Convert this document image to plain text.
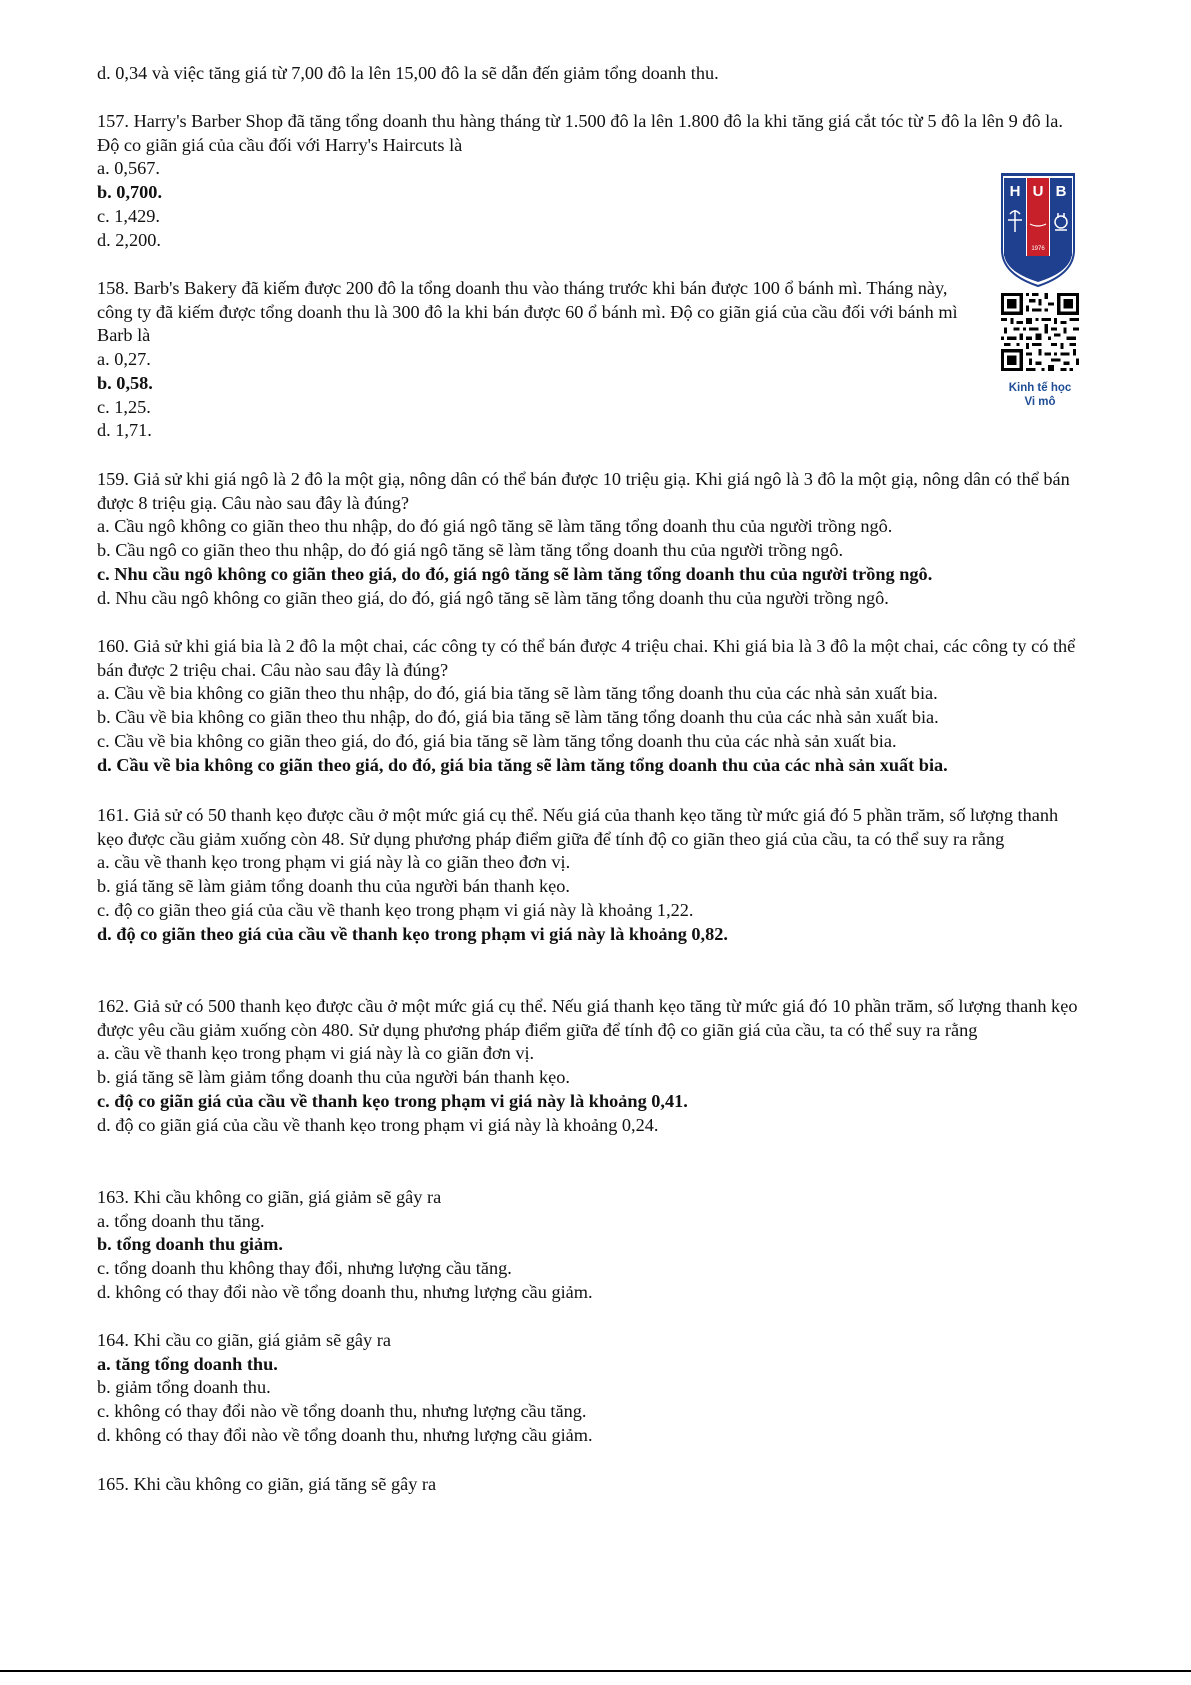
d. 0,34 và việc tăng giá từ 7,00 đô la lên 15,00 đô la sẽ dẫn đến giảm tổng doanh thu.

157. Harry's Barber Shop đã tăng tổng doanh thu hàng tháng từ 1.500 đô la lên 1.800 đô la khi tăng giá cắt tóc từ 5 đô la lên 9 đô la. Độ co giãn giá của cầu đối với Harry's Haircuts là

a. 0,567.
b. 0,700.
c. 1,429.
d. 2,200.

158. Barb's Bakery đã kiếm được 200 đô la tổng doanh thu vào tháng trước khi bán được 100 ổ bánh mì. Tháng này, công ty đã kiếm được tổng doanh thu là 300 đô la khi bán được 60 ổ bánh mì. Độ co giãn giá của cầu đối với bánh mì Barb là

a. 0,27.
b. 0,58.
c. 1,25.
d. 1,71.

159. Giả sử khi giá ngô là 2 đô la một giạ, nông dân có thể bán được 10 triệu giạ. Khi giá ngô là 3 đô la một giạ, nông dân có thể bán được 8 triệu giạ. Câu nào sau đây là đúng?

a. Cầu ngô không co giãn theo thu nhập, do đó giá ngô tăng sẽ làm tăng tổng doanh thu của người trồng ngô.
b. Cầu ngô co giãn theo thu nhập, do đó giá ngô tăng sẽ làm tăng tổng doanh thu của người trồng ngô.
c. Nhu cầu ngô không co giãn theo giá, do đó, giá ngô tăng sẽ làm tăng tổng doanh thu của người trồng ngô.
d. Nhu cầu ngô không co giãn theo giá, do đó, giá ngô tăng sẽ làm tăng tổng doanh thu của người trồng ngô.

160. Giả sử khi giá bia là 2 đô la một chai, các công ty có thể bán được 4 triệu chai. Khi giá bia là 3 đô la một chai, các công ty có thể bán được 2 triệu chai. Câu nào sau đây là đúng?

a. Cầu về bia không co giãn theo thu nhập, do đó, giá bia tăng sẽ làm tăng tổng doanh thu của các nhà sản xuất bia.
b. Cầu về bia không co giãn theo thu nhập, do đó, giá bia tăng sẽ làm tăng tổng doanh thu của các nhà sản xuất bia.
c. Cầu về bia không co giãn theo giá, do đó, giá bia tăng sẽ làm tăng tổng doanh thu của các nhà sản xuất bia.
d. Cầu về bia không co giãn theo giá, do đó, giá bia tăng sẽ làm tăng tổng doanh thu của các nhà sản xuất bia.

161. Giả sử có 50 thanh kẹo được cầu ở một mức giá cụ thể. Nếu giá của thanh kẹo tăng từ mức giá đó 5 phần trăm, số lượng thanh kẹo được cầu giảm xuống còn 48. Sử dụng phương pháp điểm giữa để tính độ co giãn theo giá của cầu, ta có thể suy ra rằng

a. cầu về thanh kẹo trong phạm vi giá này là co giãn theo đơn vị.
b. giá tăng sẽ làm giảm tổng doanh thu của người bán thanh kẹo.
c. độ co giãn theo giá của cầu về thanh kẹo trong phạm vi giá này là khoảng 1,22.
d. độ co giãn theo giá của cầu về thanh kẹo trong phạm vi giá này là khoảng 0,82.

162. Giả sử có 500 thanh kẹo được cầu ở một mức giá cụ thể. Nếu giá thanh kẹo tăng từ mức giá đó 10 phần trăm, số lượng thanh kẹo được yêu cầu giảm xuống còn 480. Sử dụng phương pháp điểm giữa để tính độ co giãn giá của cầu, ta có thể suy ra rằng

a. cầu về thanh kẹo trong phạm vi giá này là co giãn đơn vị.
b. giá tăng sẽ làm giảm tổng doanh thu của người bán thanh kẹo.
c. độ co giãn giá của cầu về thanh kẹo trong phạm vi giá này là khoảng 0,41.
d. độ co giãn giá của cầu về thanh kẹo trong phạm vi giá này là khoảng 0,24.

163. Khi cầu không co giãn, giá giảm sẽ gây ra

a. tổng doanh thu tăng.
b. tổng doanh thu giảm.
c. tổng doanh thu không thay đổi, nhưng lượng cầu tăng.
d. không có thay đổi nào về tổng doanh thu, nhưng lượng cầu giảm.

164. Khi cầu co giãn, giá giảm sẽ gây ra

a. tăng tổng doanh thu.
b. giảm tổng doanh thu.
c. không có thay đổi nào về tổng doanh thu, nhưng lượng cầu tăng.
d. không có thay đổi nào về tổng doanh thu, nhưng lượng cầu giảm.

165. Khi cầu không co giãn, giá tăng sẽ gây ra

H U B
1976
Kinh tế học
Vi mô
